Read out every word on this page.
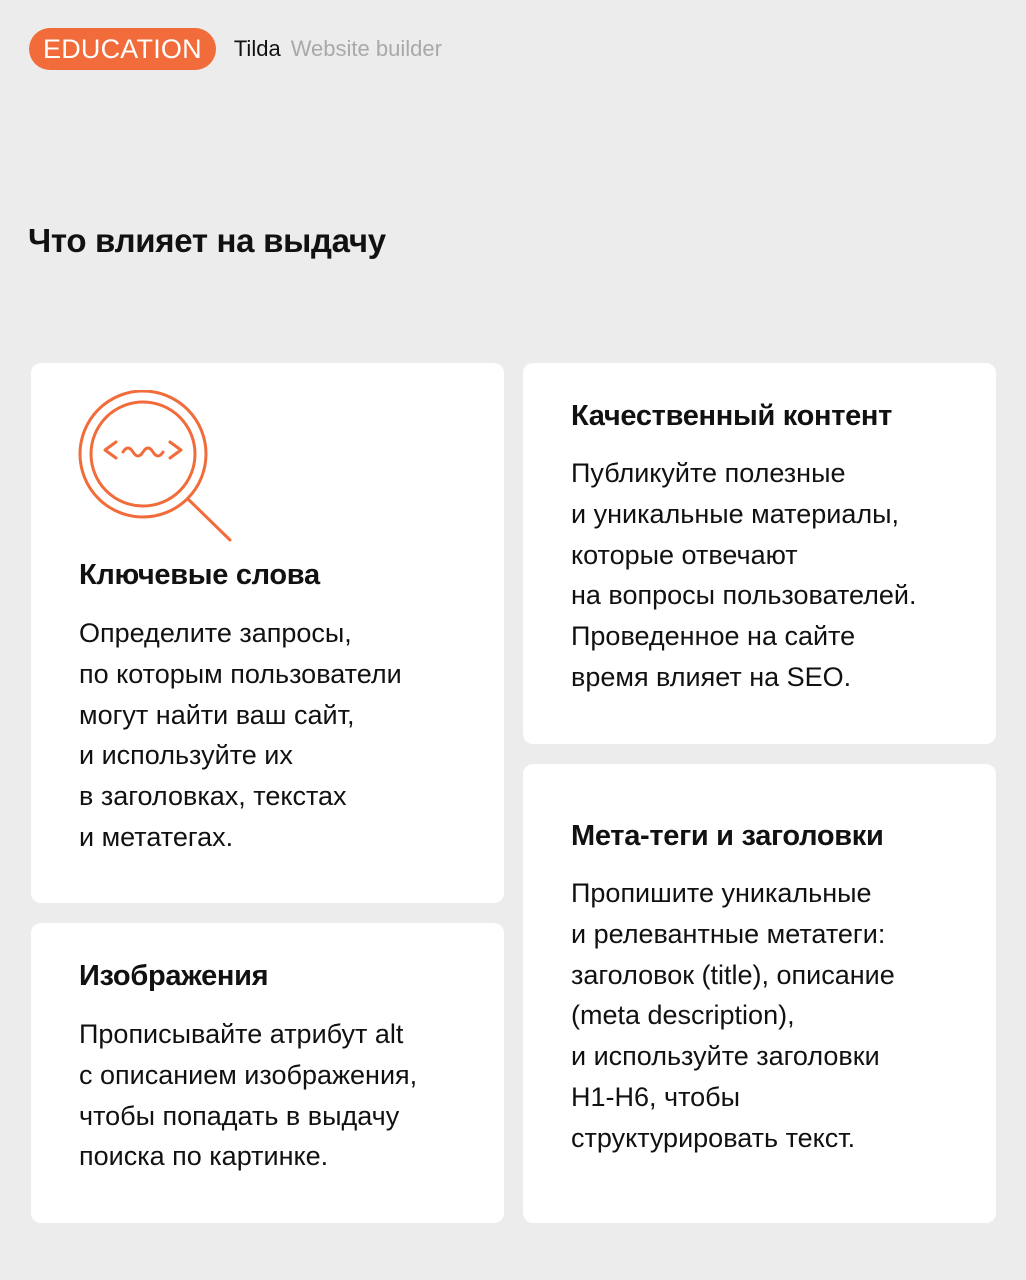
EDUCATION	Tilda Website builder
Что влияет на выдачу
Ключевые слова
Определите запросы,
по которым пользователи
могут найти ваш сайт,
и используйте их
в заголовках, текстах
и метатегах.
Изображения
Прописывайте атрибут alt
с описанием изображения,
чтобы попадать в выдачу
поиска по картинке.
Качественный контент
Публикуйте полезные
и уникальные материалы,
которые отвечают
на вопросы пользователей.
Проведенное на сайте
время влияет на SEO.
Мета-теги и заголовки
Пропишите уникальные
и релевантные метатеги:
заголовок (title), описание
(meta description),
и используйте заголовки
H1-H6, чтобы
структурировать текст.
